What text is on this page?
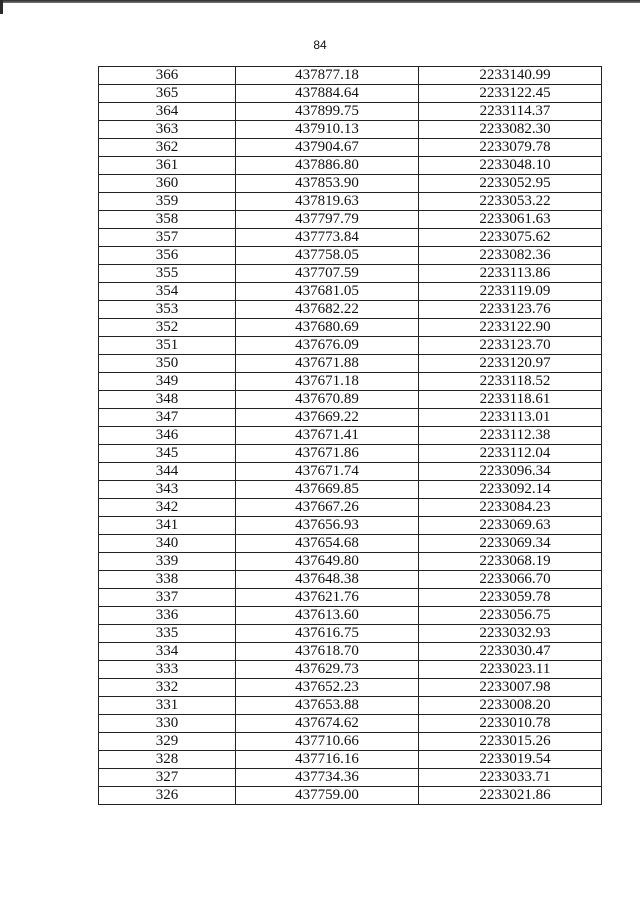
84
366	437877.18	2233140.99
365	437884.64	2233122.45
364	437899.75	2233114.37
363	437910.13	2233082.30
362	437904.67	2233079.78
361	437886.80	2233048.10
360	437853.90	2233052.95
359	437819.63	2233053.22
358	437797.79	2233061.63
357	437773.84	2233075.62
356	437758.05	2233082.36
355	437707.59	2233113.86
354	437681.05	2233119.09
353	437682.22	2233123.76
352	437680.69	2233122.90
351	437676.09	2233123.70
350	437671.88	2233120.97
349	437671.18	2233118.52
348	437670.89	2233118.61
347	437669.22	2233113.01
346	437671.41	2233112.38
345	437671.86	2233112.04
344	437671.74	2233096.34
343	437669.85	2233092.14
342	437667.26	2233084.23
341	437656.93	2233069.63
340	437654.68	2233069.34
339	437649.80	2233068.19
338	437648.38	2233066.70
337	437621.76	2233059.78
336	437613.60	2233056.75
335	437616.75	2233032.93
334	437618.70	2233030.47
333	437629.73	2233023.11
332	437652.23	2233007.98
331	437653.88	2233008.20
330	437674.62	2233010.78
329	437710.66	2233015.26
328	437716.16	2233019.54
327	437734.36	2233033.71
326	437759.00	2233021.86
